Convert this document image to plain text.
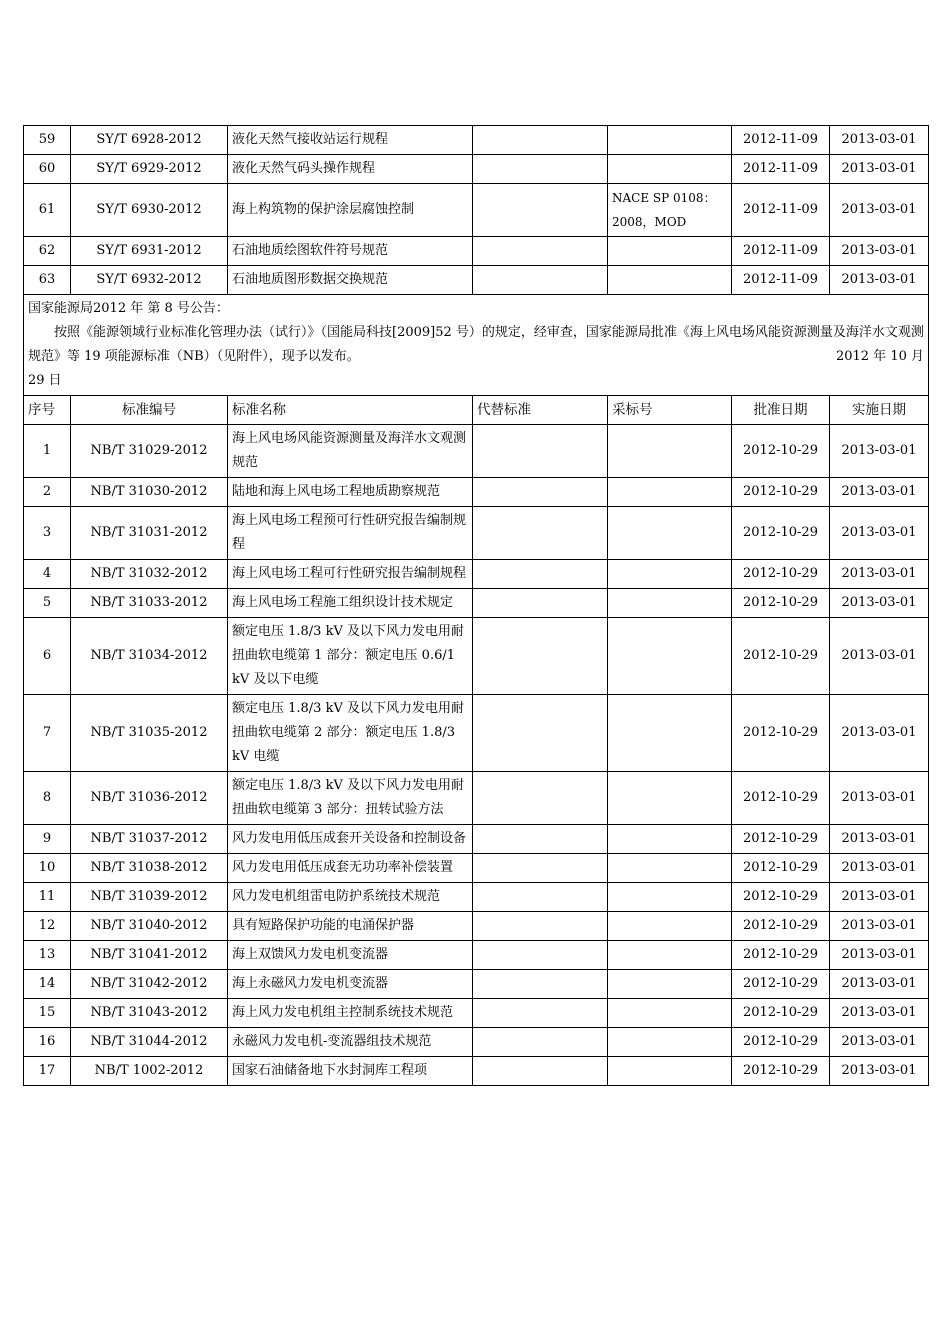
59	SY/T 6928-2012	液化天然气接收站运行规程			2012-11-09	2013-03-01
60	SY/T 6929-2012	液化天然气码头操作规程			2012-11-09	2013-03-01
61	SY/T 6930-2012	海上构筑物的保护涂层腐蚀控制		NACE SP 0108：2008，MOD	2012-11-09	2013-03-01
62	SY/T 6931-2012	石油地质绘图软件符号规范			2012-11-09	2013-03-01
63	SY/T 6932-2012	石油地质图形数据交换规范			2012-11-09	2013-03-01

国家能源局2012 年 第 8 号公告：
按照《能源领域行业标准化管理办法（试行）》（国能局科技[2009]52 号）的规定，经审查，国家能源局批准《海上风电场风能资源测量及海洋水文观测规范》等 19 项能源标准（NB）（见附件），现予以发布。 2012 年 10 月
29 日						

序号	标准编号	标准名称	代替标准	采标号	批准日期	实施日期
1	NB/T 31029-2012	海上风电场风能资源测量及海洋水文观测规范			2012-10-29	2013-03-01
2	NB/T 31030-2012	陆地和海上风电场工程地质勘察规范			2012-10-29	2013-03-01
3	NB/T 31031-2012	海上风电场工程预可行性研究报告编制规程			2012-10-29	2013-03-01
4	NB/T 31032-2012	海上风电场工程可行性研究报告编制规程			2012-10-29	2013-03-01
5	NB/T 31033-2012	海上风电场工程施工组织设计技术规定			2012-10-29	2013-03-01
6	NB/T 31034-2012	额定电压 1.8/3 kV 及以下风力发电用耐扭曲软电缆第 1 部分：额定电压 0.6/1 kV 及以下电缆			2012-10-29	2013-03-01
7	NB/T 31035-2012	额定电压 1.8/3 kV 及以下风力发电用耐扭曲软电缆第 2 部分：额定电压 1.8/3 kV 电缆			2012-10-29	2013-03-01
8	NB/T 31036-2012	额定电压 1.8/3 kV 及以下风力发电用耐扭曲软电缆第 3 部分：扭转试验方法			2012-10-29	2013-03-01
9	NB/T 31037-2012	风力发电用低压成套开关设备和控制设备			2012-10-29	2013-03-01
10	NB/T 31038-2012	风力发电用低压成套无功功率补偿装置			2012-10-29	2013-03-01
11	NB/T 31039-2012	风力发电机组雷电防护系统技术规范			2012-10-29	2013-03-01
12	NB/T 31040-2012	具有短路保护功能的电涌保护器			2012-10-29	2013-03-01
13	NB/T 31041-2012	海上双馈风力发电机变流器			2012-10-29	2013-03-01
14	NB/T 31042-2012	海上永磁风力发电机变流器			2012-10-29	2013-03-01
15	NB/T 31043-2012	海上风力发电机组主控制系统技术规范			2012-10-29	2013-03-01
16	NB/T 31044-2012	永磁风力发电机-变流器组技术规范			2012-10-29	2013-03-01
17	NB/T 1002-2012	国家石油储备地下水封洞库工程项			2012-10-29	2013-03-01
